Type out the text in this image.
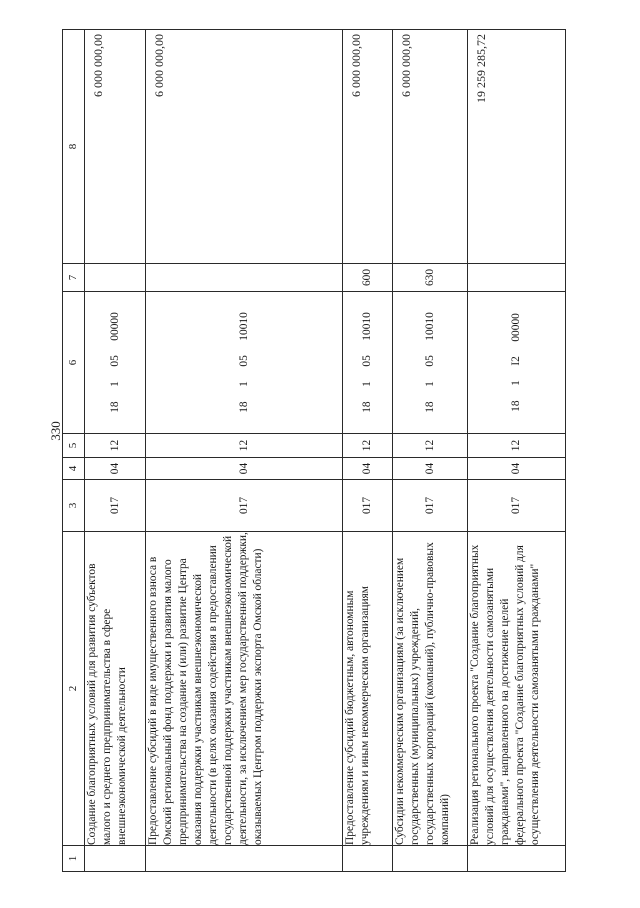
330
1	2	3	4	5	6	7	8
	Создание благоприятных условий для развития субъектов малого и среднего предпринимательства в сфере внешнеэкономической деятельности	017	04	12	18   1   05   00000		6 000 000,00
	Предоставление субсидий в виде имущественного взноса в Омский региональный фонд поддержки и развития малого предпринимательства на создание и (или) развитие Центра оказания поддержки участникам внешнеэкономической деятельности (в целях оказания содействия в предоставлении государственной поддержки участникам внешнеэкономической деятельности, за исключением мер государственной поддержки, оказываемых Центром поддержки экспорта Омской области)	017	04	12	18   1   05   10010		6 000 000,00
	Предоставление субсидий бюджетным, автономным учреждениям и иным некоммерческим организациям	017	04	12	18   1   05   10010	600	6 000 000,00
	Субсидии некоммерческим организациям (за исключением государственных (муниципальных) учреждений, государственных корпораций (компаний), публично-правовых компаний)	017	04	12	18   1   05   10010	630	6 000 000,00
	Реализация регионального проекта "Создание благоприятных условий для осуществления деятельности самозанятыми гражданами", направленного на достижение целей федерального проекта "Создание благоприятных условий для осуществления деятельности самозанятыми гражданами"	017	04	12	18   1   I2   00000		19 259 285,72
